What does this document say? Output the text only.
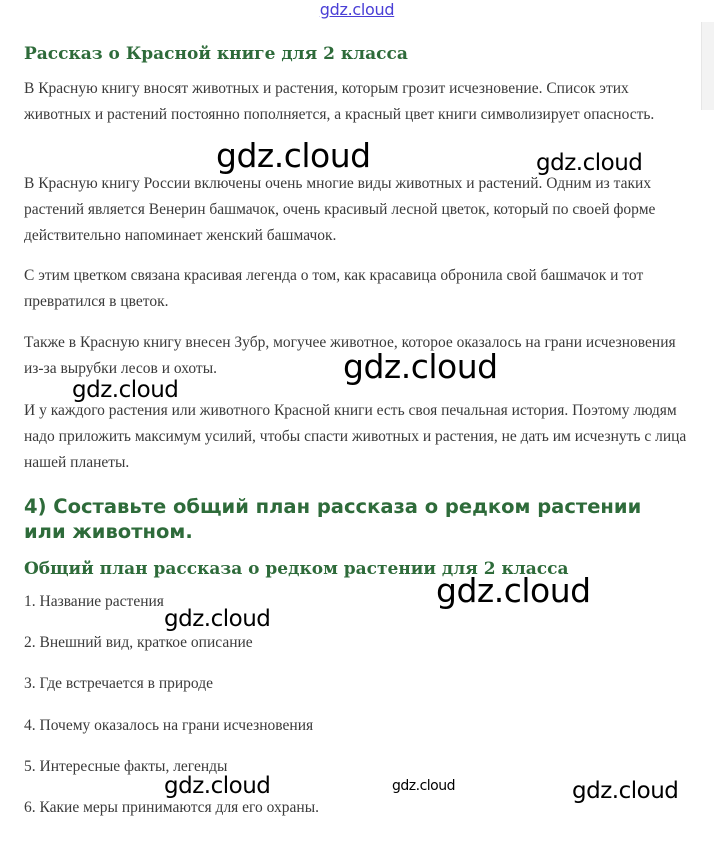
gdz.cloud
Рассказ о Красной книге для 2 класса

В Красную книгу вносят животных и растения, которым грозит исчезновение. Список этих животных и растений постоянно пополняется, а красный цвет книги символизирует опасность.

В Красную книгу России включены очень многие виды животных и растений. Одним из таких растений является Венерин башмачок, очень красивый лесной цветок, который по своей форме действительно напоминает женский башмачок.

С этим цветком связана красивая легенда о том, как красавица обронила свой башмачок и тот превратился в цветок.

Также в Красную книгу внесен Зубр, могучее животное, которое оказалось на грани исчезновения из-за вырубки лесов и охоты.

И у каждого растения или животного Красной книги есть своя печальная история. Поэтому людям надо приложить максимум усилий, чтобы спасти животных и растения, не дать им исчезнуть с лица нашей планеты.

4) Составьте общий план рассказа о редком растении или животном.
Общий план рассказа о редком растении для 2 класса

1. Название растения

2. Внешний вид, краткое описание

3. Где встречается в природе

4. Почему оказалось на грани исчезновения

5. Интересные факты, легенды

6. Какие меры принимаются для его охраны.

gdz.cloud	gdz.cloud
gdz.cloud
gdz.cloud
gdz.cloud
gdz.cloud
gdz.cloud	gdz.cloud	gdz.cloud
